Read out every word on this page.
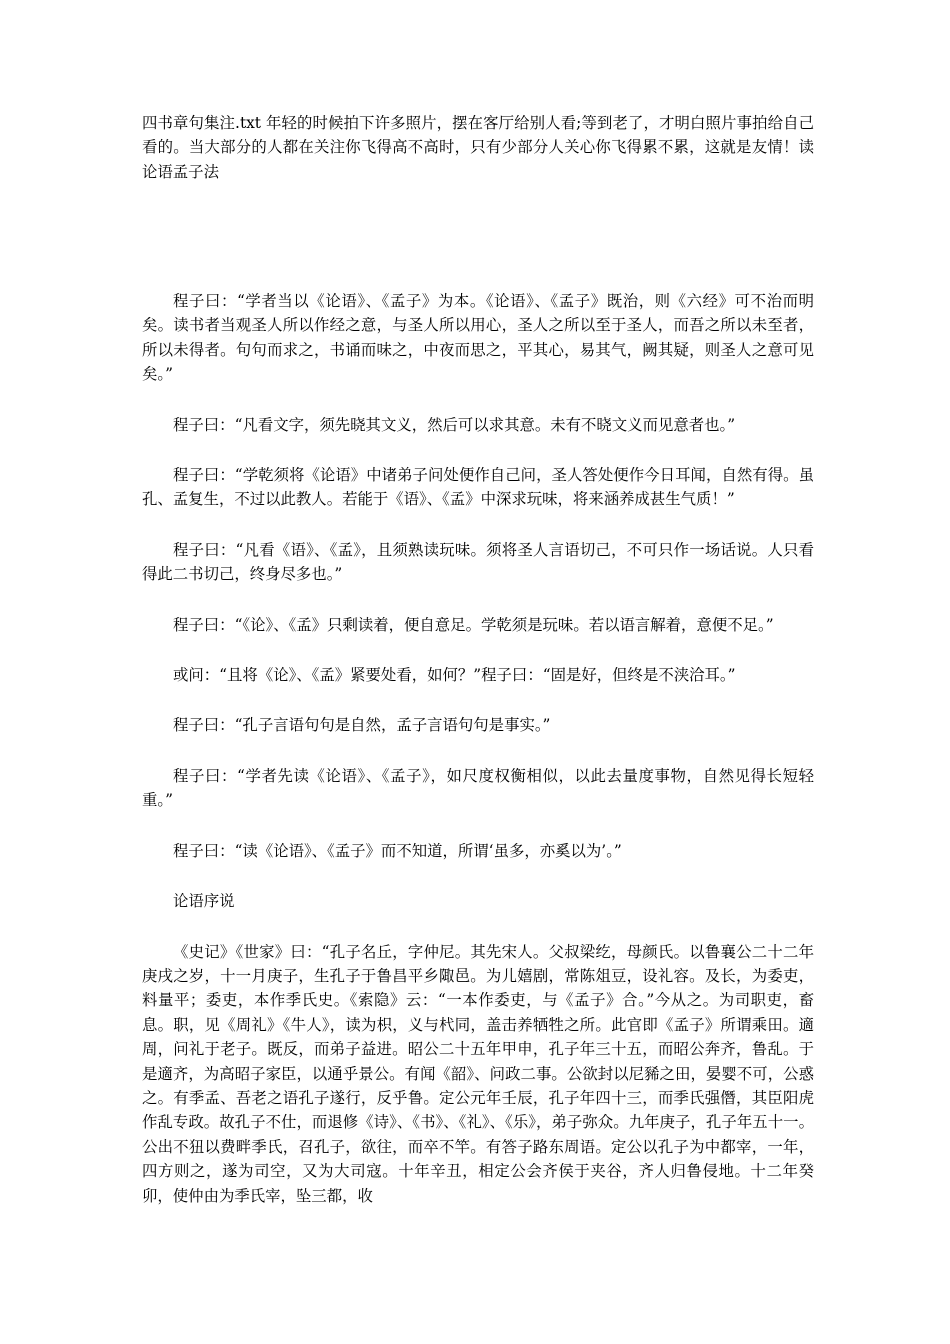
四书章句集注.txt 年轻的时候拍下许多照片，摆在客厅给别人看;等到老了，才明白照片事拍给自己看的。当大部分的人都在关注你飞得高不高时，只有少部分人关心你飞得累不累，这就是友情！读论语孟子法

程子曰：“学者当以《论语》、《孟子》为本。《论语》、《孟子》既治，则《六经》可不治而明矣。读书者当观圣人所以作经之意，与圣人所以用心，圣人之所以至于圣人，而吾之所以未至者，所以未得者。句句而求之，书诵而味之，中夜而思之，平其心，易其气，阙其疑，则圣人之意可见矣。”

程子曰：“凡看文字，须先晓其文义，然后可以求其意。未有不晓文义而见意者也。”

程子曰：“学乾须将《论语》中诸弟子问处便作自己问，圣人答处便作今日耳闻，自然有得。虽孔、孟复生，不过以此教人。若能于《语》、《孟》中深求玩味，将来涵养成甚生气质！”

程子曰：“凡看《语》、《孟》，且须熟读玩味。须将圣人言语切己，不可只作一场话说。人只看得此二书切己，终身尽多也。”

程子曰：“《论》、《孟》只剩读着，便自意足。学乾须是玩味。若以语言解着，意便不足。”

或问：“且将《论》、《孟》紧要处看，如何？”程子曰：“固是好，但终是不浃洽耳。”

程子曰：“孔子言语句句是自然，孟子言语句句是事实。”

程子曰：“学者先读《论语》、《孟子》，如尺度权衡相似，以此去量度事物，自然见得长短轻重。”

程子曰：“读《论语》、《孟子》而不知道，所谓‘虽多，亦奚以为’。”

论语序说

《史记》《世家》曰：“孔子名丘，字仲尼。其先宋人。父叔梁纥，母颜氏。以鲁襄公二十二年庚戌之岁，十一月庚子，生孔子于鲁昌平乡陬邑。为儿嬉剧，常陈俎豆，设礼容。及长，为委吏，料量平；委吏，本作季氏史。《索隐》云：“一本作委吏，与《孟子》合。”今从之。为司职吏，畜息。职，见《周礼》《牛人》，读为枳，义与杙同，盖击养牺牲之所。此官即《孟子》所谓乘田。適周，问礼于老子。既反，而弟子益进。昭公二十五年甲申，孔子年三十五，而昭公奔齐，鲁乱。于是適齐，为高昭子家臣，以通乎景公。有闻《韶》、问政二事。公欲封以尼豨之田，晏婴不可，公惑之。有季孟、吾老之语孔子遂行，反乎鲁。定公元年壬辰，孔子年四十三，而季氏强僭，其臣阳虎作乱专政。故孔子不仕，而退修《诗》、《书》、《礼》、《乐》，弟子弥众。九年庚子，孔子年五十一。公出不狃以费畔季氏，召孔子，欲往，而卒不竿。有答子路东周语。定公以孔子为中都宰，一年，四方则之，遂为司空，又为大司寇。十年辛丑，相定公会齐侯于夹谷，齐人归鲁侵地。十二年癸卯，使仲由为季氏宰，坠三都，收
